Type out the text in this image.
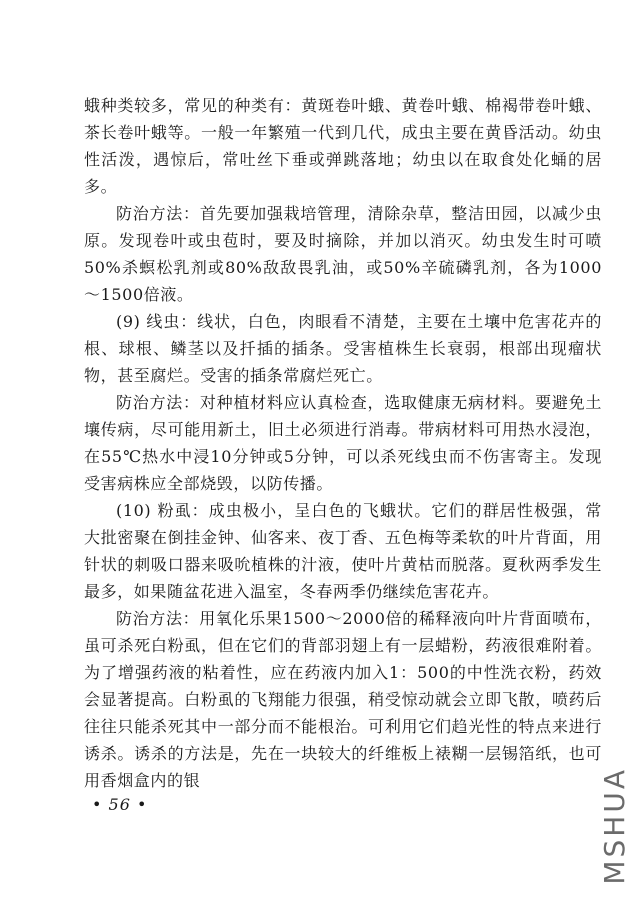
蛾种类较多，常见的种类有：黄斑卷叶蛾、黄卷叶蛾、棉褐带卷叶蛾、茶长卷叶蛾等。一般一年繁殖一代到几代，成虫主要在黄昏活动。幼虫性活泼，遇惊后，常吐丝下垂或弹跳落地；幼虫以在取食处化蛹的居多。

防治方法：首先要加强栽培管理，清除杂草，整洁田园，以减少虫原。发现卷叶或虫苞时，要及时摘除，并加以消灭。幼虫发生时可喷50%杀螟松乳剂或80%敌敌畏乳油，或50%辛硫磷乳剂，各为1000～1500倍液。

(9) 线虫：线状，白色，肉眼看不清楚，主要在土壤中危害花卉的根、球根、鳞茎以及扦插的插条。受害植株生长衰弱，根部出现瘤状物，甚至腐烂。受害的插条常腐烂死亡。

防治方法：对种植材料应认真检查，选取健康无病材料。要避免土壤传病，尽可能用新土，旧土必须进行消毒。带病材料可用热水浸泡，在55℃热水中浸10分钟或5分钟，可以杀死线虫而不伤害寄主。发现受害病株应全部烧毁，以防传播。

(10) 粉虱：成虫极小，呈白色的飞蛾状。它们的群居性极强，常大批密聚在倒挂金钟、仙客来、夜丁香、五色梅等柔软的叶片背面，用针状的刺吸口器来吸吮植株的汁液，使叶片黄枯而脱落。夏秋两季发生最多，如果随盆花进入温室，冬春两季仍继续危害花卉。

防治方法：用氧化乐果1500～2000倍的稀释液向叶片背面喷布，虽可杀死白粉虱，但在它们的背部羽翅上有一层蜡粉，药液很难附着。为了增强药液的粘着性，应在药液内加入1：500的中性洗衣粉，药效会显著提高。白粉虱的飞翔能力很强，稍受惊动就会立即飞散，喷药后往往只能杀死其中一部分而不能根治。可利用它们趋光性的特点来进行诱杀。诱杀的方法是，先在一块较大的纤维板上裱糊一层锡箔纸，也可用香烟盒内的银

• 56 •	MSHUA
